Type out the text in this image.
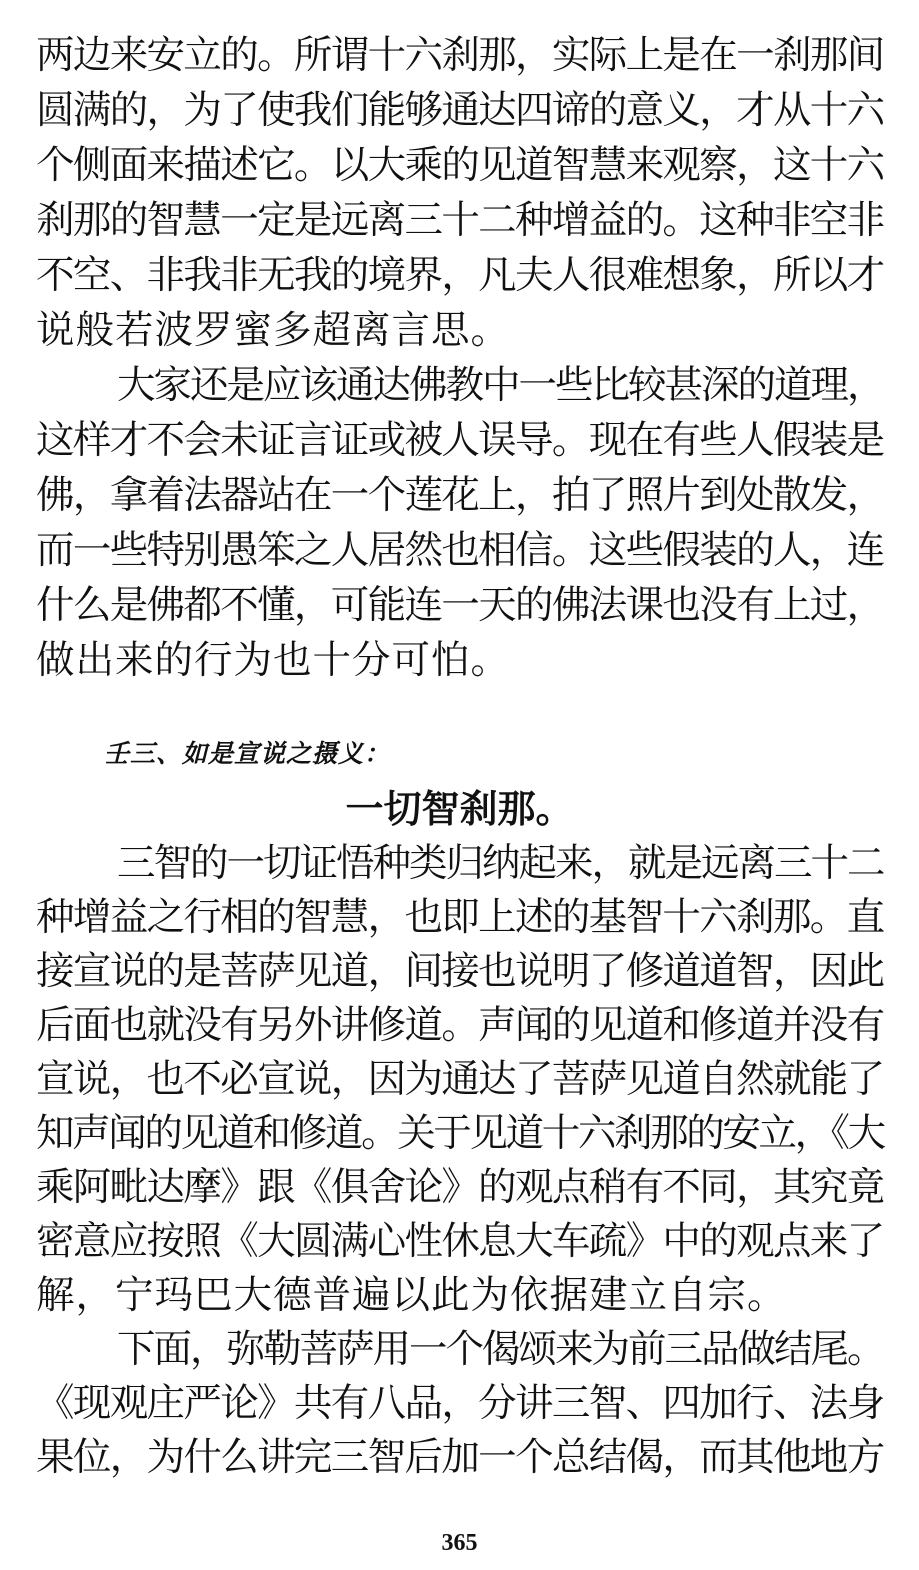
两边来安立的。所谓十六刹那，实际上是在一刹那间
圆满的，为了使我们能够通达四谛的意义，才从十六
个侧面来描述它。以大乘的见道智慧来观察，这十六
刹那的智慧一定是远离三十二种增益的。这种非空非
不空、非我非无我的境界，凡夫人很难想象，所以才
说般若波罗蜜多超离言思。
大家还是应该通达佛教中一些比较甚深的道理，
这样才不会未证言证或被人误导。现在有些人假装是
佛，拿着法器站在一个莲花上，拍了照片到处散发，
而一些特别愚笨之人居然也相信。这些假装的人，连
什么是佛都不懂，可能连一天的佛法课也没有上过，
做出来的行为也十分可怕。
壬三、如是宣说之摄义：
一切智刹那。
三智的一切证悟种类归纳起来，就是远离三十二
种增益之行相的智慧，也即上述的基智十六刹那。直
接宣说的是菩萨见道，间接也说明了修道道智，因此
后面也就没有另外讲修道。声闻的见道和修道并没有
宣说，也不必宣说，因为通达了菩萨见道自然就能了
知声闻的见道和修道。关于见道十六刹那的安立，《大
乘阿毗达摩》跟《俱舍论》的观点稍有不同，其究竟
密意应按照《大圆满心性休息大车疏》中的观点来了
解，宁玛巴大德普遍以此为依据建立自宗。
下面，弥勒菩萨用一个偈颂来为前三品做结尾。
《现观庄严论》共有八品，分讲三智、四加行、法身
果位，为什么讲完三智后加一个总结偈，而其他地方
365
